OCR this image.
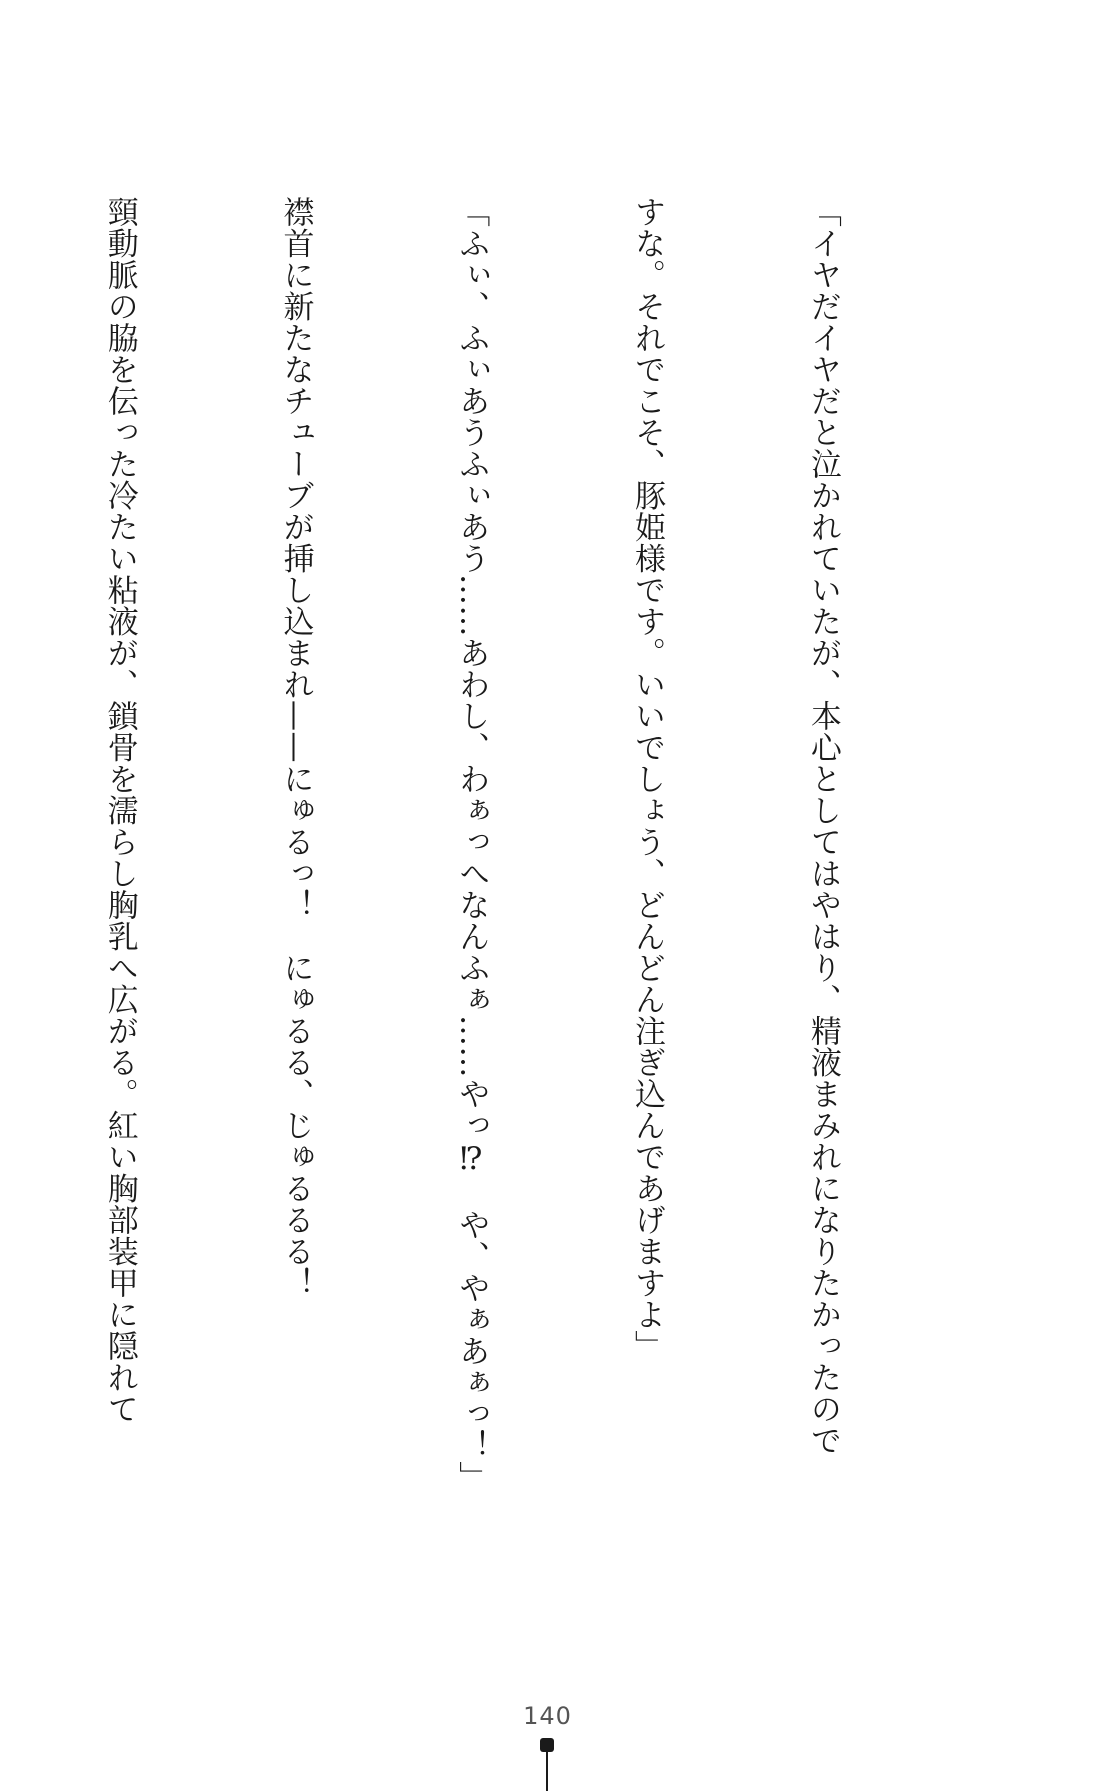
「イヤだイヤだと泣かれていたが、本心としてはやはり、精液まみれになりたかったので

すな。それでこそ、豚姫様です。いいでしょう、どんどん注ぎ込んであげますよ」

「ふぃ、ふぃあうふぃあう……あわし、わぁっへなんふぁ……やっ⁉　や、やぁあぁっ！」

襟首に新たなチューブが挿し込まれ——にゅるっ！　にゅるる、じゅるるる！

頸動脈の脇を伝った冷たい粘液が、鎖骨を濡らし胸乳へ広がる。紅い胸部装甲に隠れて

140
